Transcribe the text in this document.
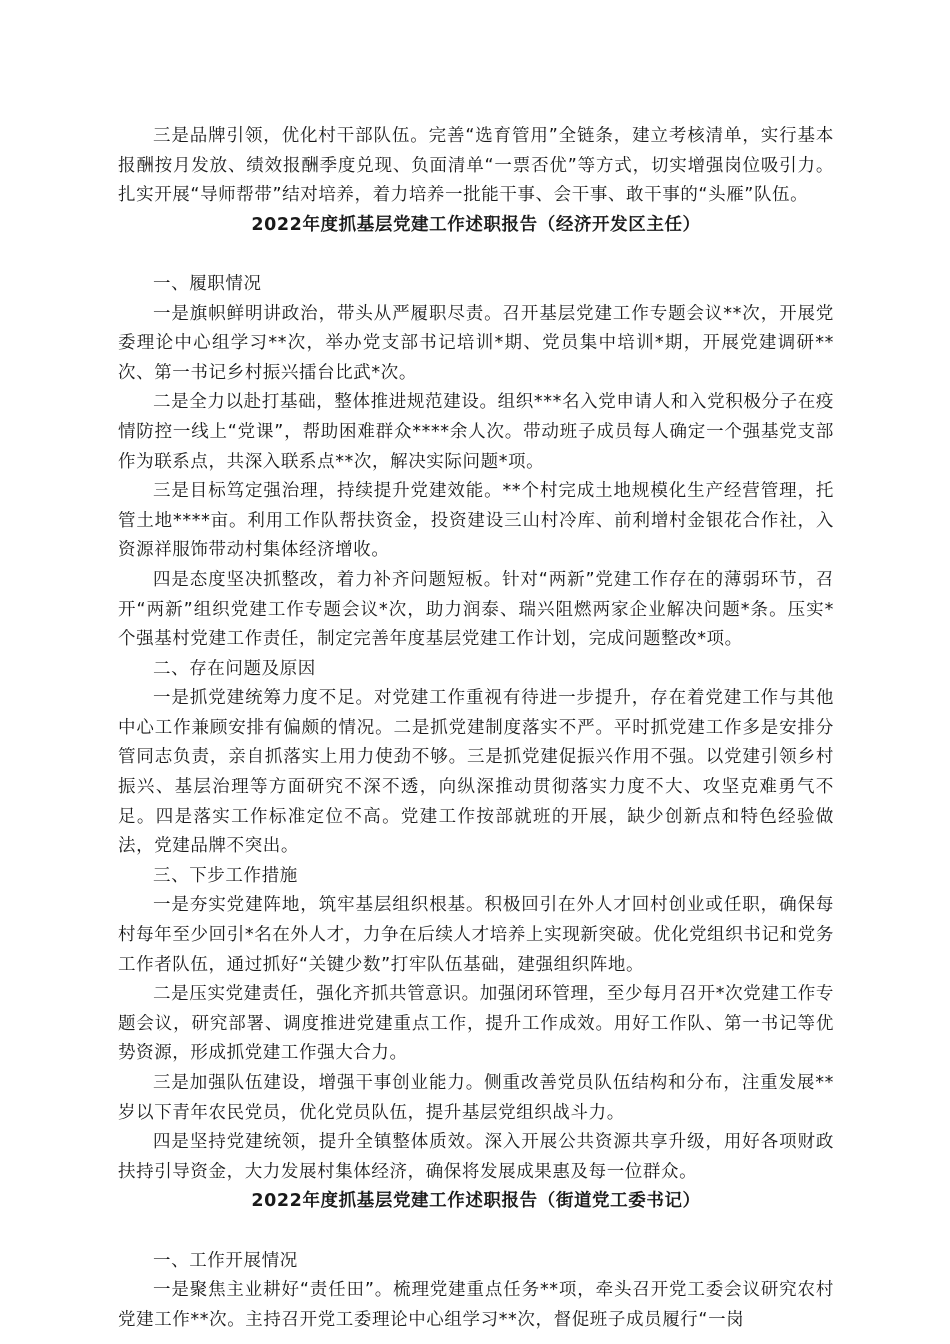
三是品牌引领，优化村干部队伍。完善“选育管用”全链条，建立考核清单，实行基本报酬按月发放、绩效报酬季度兑现、负面清单“一票否优”等方式，切实增强岗位吸引力。扎实开展“导师帮带”结对培养，着力培养一批能干事、会干事、敢干事的“头雁”队伍。

2022年度抓基层党建工作述职报告（经济开发区主任）

一、履职情况

一是旗帜鲜明讲政治，带头从严履职尽责。召开基层党建工作专题会议**次，开展党委理论中心组学习**次，举办党支部书记培训*期、党员集中培训*期，开展党建调研**次、第一书记乡村振兴擂台比武*次。

二是全力以赴打基础，整体推进规范建设。组织***名入党申请人和入党积极分子在疫情防控一线上“党课”，帮助困难群众****余人次。带动班子成员每人确定一个强基党支部作为联系点，共深入联系点**次，解决实际问题*项。

三是目标笃定强治理，持续提升党建效能。**个村完成土地规模化生产经营管理，托管土地****亩。利用工作队帮扶资金，投资建设三山村冷库、前利增村金银花合作社，入资源祥服饰带动村集体经济增收。

四是态度坚决抓整改，着力补齐问题短板。针对“两新”党建工作存在的薄弱环节，召开“两新”组织党建工作专题会议*次，助力润泰、瑞兴阻燃两家企业解决问题*条。压实*个强基村党建工作责任，制定完善年度基层党建工作计划，完成问题整改*项。

二、存在问题及原因

一是抓党建统筹力度不足。对党建工作重视有待进一步提升，存在着党建工作与其他中心工作兼顾安排有偏颇的情况。二是抓党建制度落实不严。平时抓党建工作多是安排分管同志负责，亲自抓落实上用力使劲不够。三是抓党建促振兴作用不强。以党建引领乡村振兴、基层治理等方面研究不深不透，向纵深推动贯彻落实力度不大、攻坚克难勇气不足。四是落实工作标准定位不高。党建工作按部就班的开展，缺少创新点和特色经验做法，党建品牌不突出。

三、下步工作措施

一是夯实党建阵地，筑牢基层组织根基。积极回引在外人才回村创业或任职，确保每村每年至少回引*名在外人才，力争在后续人才培养上实现新突破。优化党组织书记和党务工作者队伍，通过抓好“关键少数”打牢队伍基础，建强组织阵地。

二是压实党建责任，强化齐抓共管意识。加强闭环管理，至少每月召开*次党建工作专题会议，研究部署、调度推进党建重点工作，提升工作成效。用好工作队、第一书记等优势资源，形成抓党建工作强大合力。

三是加强队伍建设，增强干事创业能力。侧重改善党员队伍结构和分布，注重发展**岁以下青年农民党员，优化党员队伍，提升基层党组织战斗力。

四是坚持党建统领，提升全镇整体质效。深入开展公共资源共享升级，用好各项财政扶持引导资金，大力发展村集体经济，确保将发展成果惠及每一位群众。

2022年度抓基层党建工作述职报告（街道党工委书记）

一、工作开展情况

一是聚焦主业耕好“责任田”。梳理党建重点任务**项，牵头召开党工委会议研究农村党建工作**次。主持召开党工委理论中心组学习**次，督促班子成员履行“一岗
